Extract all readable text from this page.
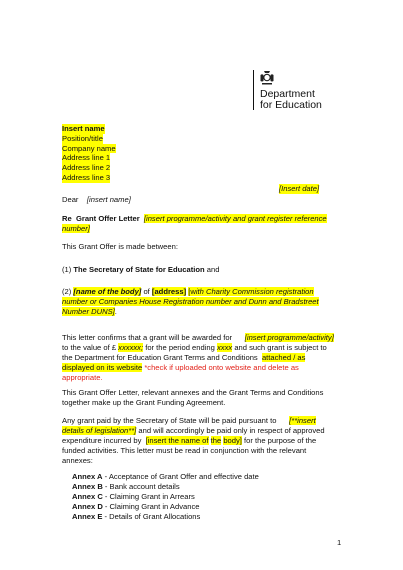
Department
for Education
Insert name
Position/title
Company name
Address line 1
Address line 2
Address line 3
[Insert date]
Dear [insert name]
Re Grant Offer Letter [insert programme/activity and grant register reference
number]
This Grant Offer is made between:
(1) The Secretary of State for Education and
(2) [name of the body] of [address] with Charity Commission registration
number or Companies House Registration number and Dunn and Bradstreet
Number DUNS].
This letter confirms that a grant will be awarded for [insert programme/activity]
to the value of £ xxxxxx; for the period ending xxxx and such grant is subject to
the Department for Education Grant Terms and Conditions attached / as
displayed on its website *check if uploaded onto website and delete as
appropriate.
This Grant Offer Letter, relevant annexes and the Grant Terms and Conditions
together make up the Grant Funding Agreement.
Any grant paid by the Secretary of State will be paid pursuant to [**insert
details of legislation**] and will accordingly be paid only in respect of approved
expenditure incurred by [insert the name of the body] for the purpose of the
funded activities. This letter must be read in conjunction with the relevant
annexes:
Annex A - Acceptance of Grant Offer and effective date
Annex B - Bank account details
Annex C - Claiming Grant in Arrears
Annex D - Claiming Grant in Advance
Annex E - Details of Grant Allocations
1
